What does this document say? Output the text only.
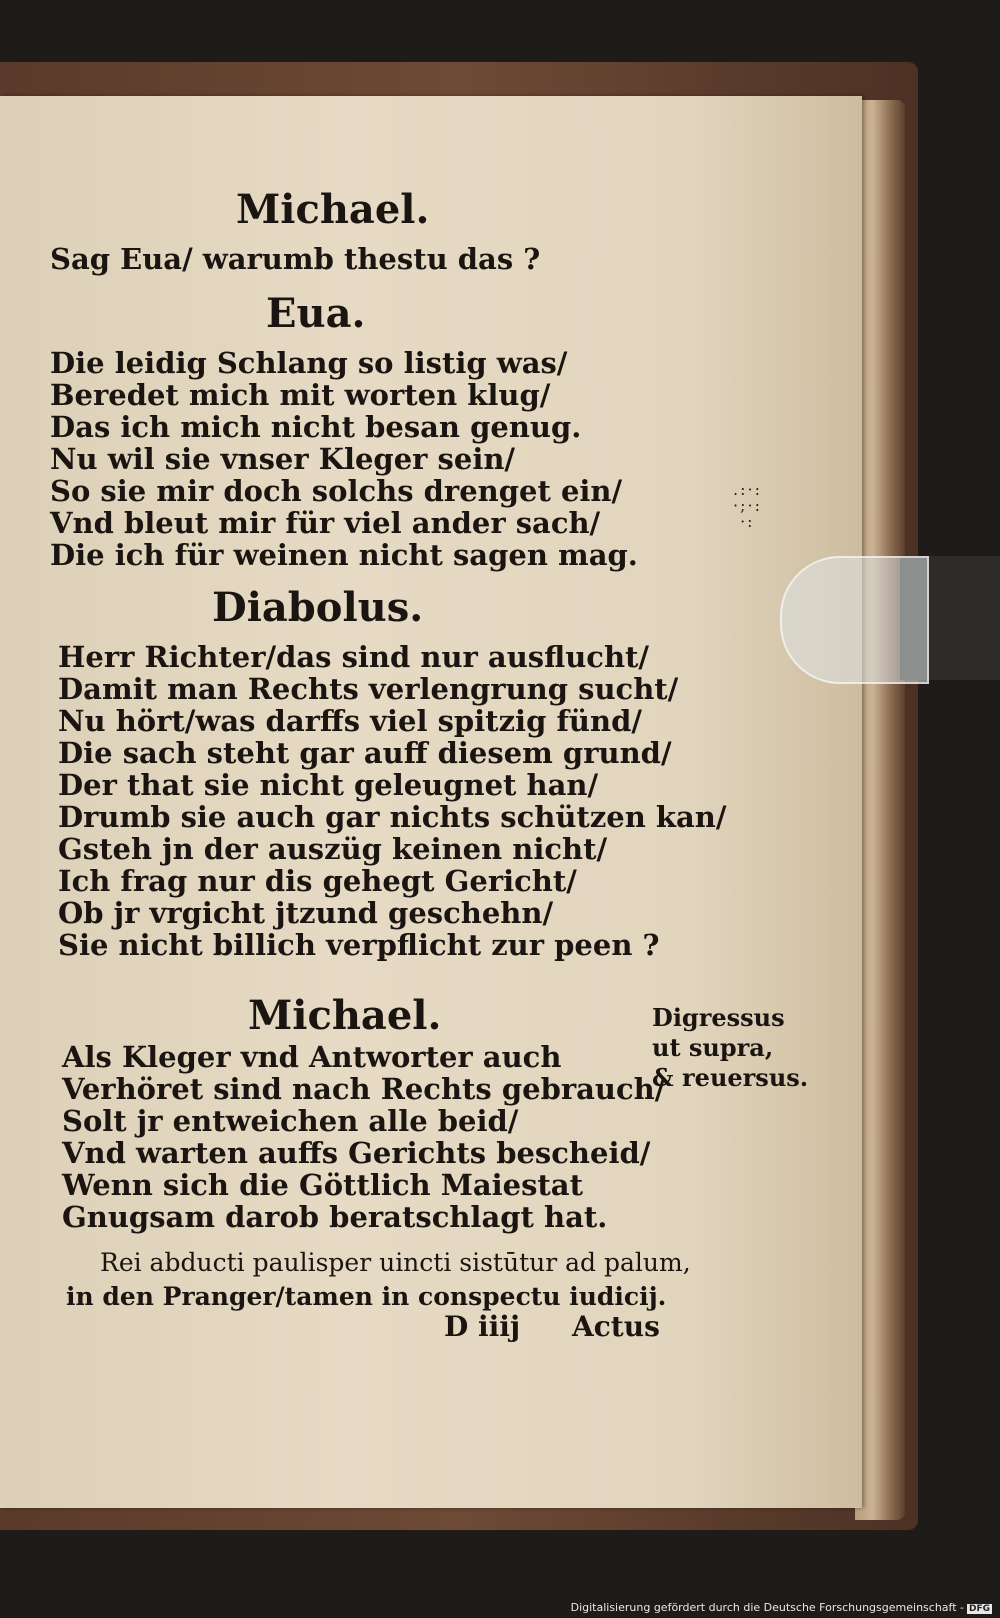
.:·:
·;·:
·:
Michael.
Sag Eua/ warumb thestu das ?
Eua.
Die leidig Schlang so listig was/
Beredet mich mit worten klug/
Das ich mich nicht besan genug.
Nu wil sie vnser Kleger sein/
So sie mir doch solchs drenget ein/
Vnd bleut mir für viel ander sach/
Die ich für weinen nicht sagen mag.
Diabolus.
Herr Richter/das sind nur ausflucht/
Damit man Rechts verlengrung sucht/
Nu hört/was darffs viel spitzig fünd/
Die sach steht gar auff diesem grund/
Der that sie nicht geleugnet han/
Drumb sie auch gar nichts schützen kan/
Gsteh jn der auszüg keinen nicht/
Ich frag nur dis gehegt Gericht/
Ob jr vrgicht jtzund geschehn/
Sie nicht billich verpflicht zur peen ?
Michael.
Als Kleger vnd Antworter auch
Verhöret sind nach Rechts gebrauch/
Solt jr entweichen alle beid/
Vnd warten auffs Gerichts bescheid/
Wenn sich die Göttlich Maiestat
Gnugsam darob beratschlagt hat.
Digressus
ut supra,
& reuersus.
Rei abducti paulisper uincti sistūtur ad palum,
in den Pranger/tamen in conspectu iudicij.
D iiij Actus
Digitalisierung gefördert durch die Deutsche Forschungsgemeinschaft - DFG
